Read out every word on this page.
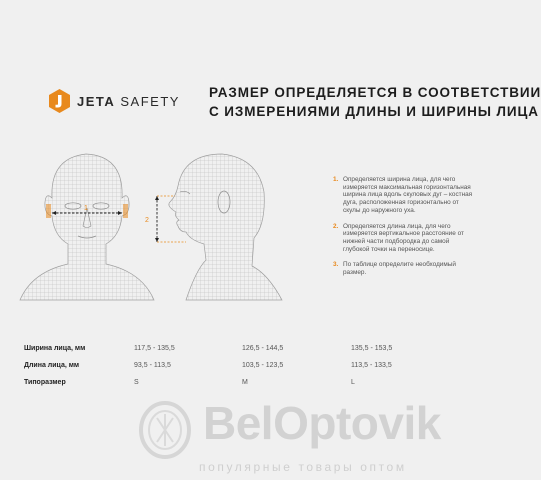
JETA SAFETY
РАЗМЕР ОПРЕДЕЛЯЕТСЯ В СООТВЕТСТВИИ
С ИЗМЕРЕНИЯМИ ДЛИНЫ И ШИРИНЫ ЛИЦА
1
2
1. Определяется ширина лица, для чего измеряется максимальная горизонтальная ширина лица вдоль скуловых дуг – костная дуга, расположенная горизонтально от скулы до наружного уха.
2. Определяется длина лица, для чего измеряется вертикальное расстояние от нижней части подбородка до самой глубокой точки на переносице.
3. По таблице определите необходимый размер.
Ширина лица, мм	117,5 - 135,5	126,5 - 144,5	135,5 - 153,5
Длина лица, мм	93,5 - 113,5	103,5 - 123,5	113,5 - 133,5
Типоразмер	S	M	L
BelOptovik
популярные товары оптом
